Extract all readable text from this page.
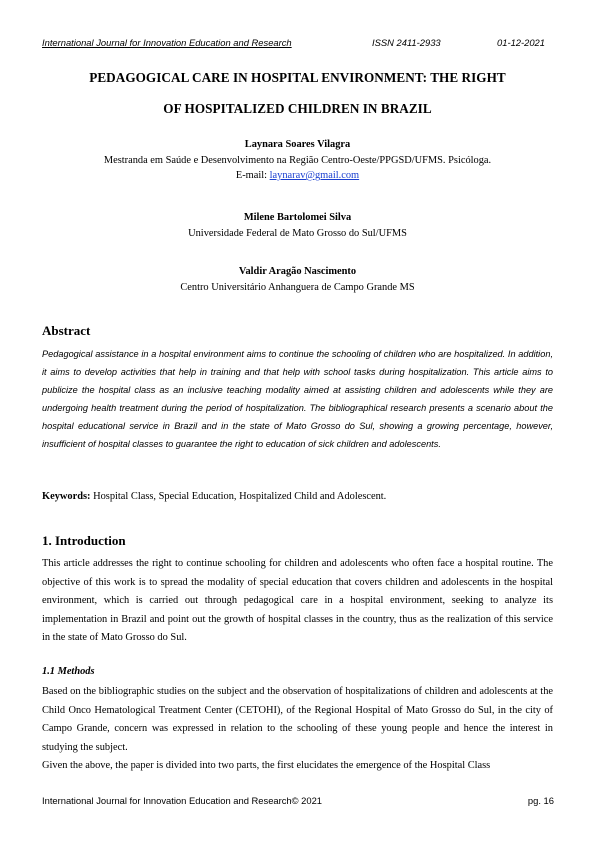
International Journal for Innovation Education and Research	ISSN 2411-2933	01-12-2021
PEDAGOGICAL CARE IN HOSPITAL ENVIRONMENT: THE RIGHT
OF HOSPITALIZED CHILDREN IN BRAZIL
Laynara Soares Vilagra
Mestranda em Saúde e Desenvolvimento na Região Centro-Oeste/PPGSD/UFMS. Psicóloga.
E-mail: laynarav@gmail.com
Milene Bartolomei Silva
Universidade Federal de Mato Grosso do Sul/UFMS
Valdir Aragão Nascimento
Centro Universitário Anhanguera de Campo Grande MS
Abstract
Pedagogical assistance in a hospital environment aims to continue the schooling of children who are hospitalized. In addition, it aims to develop activities that help in training and that help with school tasks during hospitalization. This article aims to publicize the hospital class as an inclusive teaching modality aimed at assisting children and adolescents while they are undergoing health treatment during the period of hospitalization. The bibliographical research presents a scenario about the hospital educational service in Brazil and in the state of Mato Grosso do Sul, showing a growing percentage, however, insufficient of hospital classes to guarantee the right to education of sick children and adolescents.
Keywords: Hospital Class, Special Education, Hospitalized Child and Adolescent.
1. Introduction
This article addresses the right to continue schooling for children and adolescents who often face a hospital routine. The objective of this work is to spread the modality of special education that covers children and adolescents in the hospital environment, which is carried out through pedagogical care in a hospital environment, seeking to analyze its implementation in Brazil and point out the growth of hospital classes in the country, thus as the realization of this service in the state of Mato Grosso do Sul.
1.1 Methods
Based on the bibliographic studies on the subject and the observation of hospitalizations of children and adolescents at the Child Onco Hematological Treatment Center (CETOHI), of the Regional Hospital of Mato Grosso do Sul, in the city of Campo Grande, concern was expressed in relation to the schooling of these young people and hence the interest in studying the subject.
Given the above, the paper is divided into two parts, the first elucidates the emergence of the Hospital Class
International Journal for Innovation Education and Research© 2021	pg. 16
